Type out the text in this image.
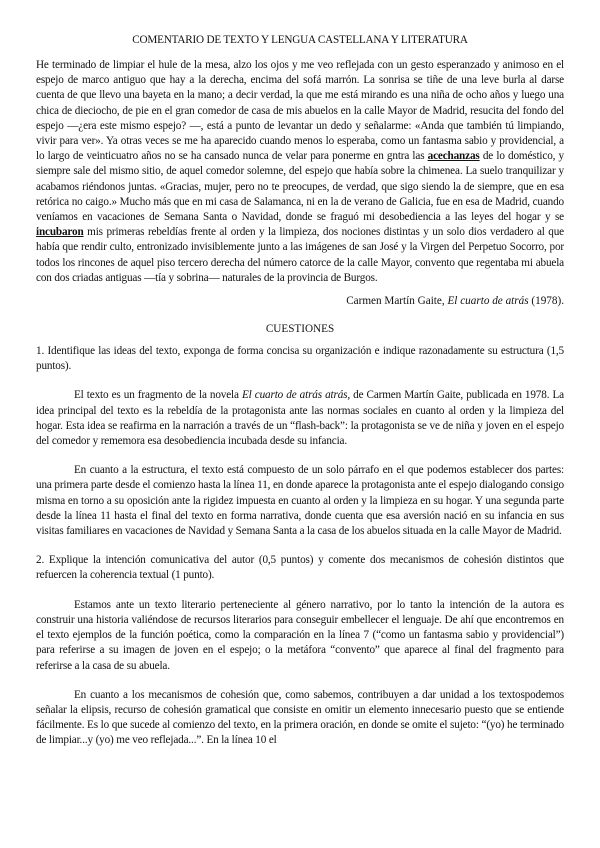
COMENTARIO DE TEXTO Y LENGUA CASTELLANA Y LITERATURA

He terminado de limpiar el hule de la mesa, alzo los ojos y me veo reflejada con un gesto esperanzado y animoso en el espejo de marco antiguo que hay a la derecha, encima del sofá marrón. La sonrisa se tiñe de una leve burla al darse cuenta de que llevo una bayeta en la mano; a decir verdad, la que me está mirando es una niña de ocho años y luego una chica de dieciocho, de pie en el gran comedor de casa de mis abuelos en la calle Mayor de Madrid, resucita del fondo del espejo —¿era este mismo espejo? —, está a punto de levantar un dedo y señalarme: «Anda que también tú limpiando, vivir para ver». Ya otras veces se me ha aparecido cuando menos lo esperaba, como un fantasma sabio y providencial, a lo largo de veinticuatro años no se ha cansado nunca de velar para ponerme en gntra las acechanzas de lo doméstico, y siempre sale del mismo sitio, de aquel comedor solemne, del espejo que había sobre la chimenea. La suelo tranquilizar y acabamos riéndonos juntas. «Gracias, mujer, pero no te preocupes, de verdad, que sigo siendo la de siempre, que en esa retórica no caigo.» Mucho más que en mi casa de Salamanca, ni en la de verano de Galicia, fue en esa de Madrid, cuando veníamos en vacaciones de Semana Santa o Navidad, donde se fraguó mi desobediencia a las leyes del hogar y se incubaron mis primeras rebeldías frente al orden y la limpieza, dos nociones distintas y un solo dios verdadero al que había que rendir culto, entronizado invisiblemente junto a las imágenes de san José y la Virgen del Perpetuo Socorro, por todos los rincones de aquel piso tercero derecha del número catorce de la calle Mayor, convento que regentaba mi abuela con dos criadas antiguas —tía y sobrina— naturales de la provincia de Burgos.

Carmen Martín Gaite, El cuarto de atrás (1978).
CUESTIONES

1. Identifique las ideas del texto, exponga de forma concisa su organización e indique razonadamente su estructura (1,5 puntos).

El texto es un fragmento de la novela El cuarto de atrás atrás, de Carmen Martín Gaite, publicada en 1978. La idea principal del texto es la rebeldía de la protagonista ante las normas sociales en cuanto al orden y la limpieza del hogar. Esta idea se reafirma en la narración a través de un “flash-back”: la protagonista se ve de niña y joven en el espejo del comedor y rememora esa desobediencia incubada desde su infancia.

En cuanto a la estructura, el texto está compuesto de un solo párrafo en el que podemos establecer dos partes: una primera parte desde el comienzo hasta la línea 11, en donde aparece la protagonista ante el espejo dialogando consigo misma en torno a su oposición ante la rigidez impuesta en cuanto al orden y la limpieza en su hogar. Y una segunda parte desde la línea 11 hasta el final del texto en forma narrativa, donde cuenta que esa aversión nació en su infancia en sus visitas familiares en vacaciones de Navidad y Semana Santa a la casa de los abuelos situada en la calle Mayor de Madrid.

2. Explique la intención comunicativa del autor (0,5 puntos) y comente dos mecanismos de cohesión distintos que refuercen la coherencia textual (1 punto).

Estamos ante un texto literario perteneciente al género narrativo, por lo tanto la intención de la autora es construir una historia valiéndose de recursos literarios para conseguir embellecer el lenguaje. De ahí que encontremos en el texto ejemplos de la función poética, como la comparación en la línea 7 (“como un fantasma sabio y providencial”) para referirse a su imagen de joven en el espejo; o la metáfora “convento” que aparece al final del fragmento para referirse a la casa de su abuela.

En cuanto a los mecanismos de cohesión que, como sabemos, contribuyen a dar unidad a los textospodemos señalar la elipsis, recurso de cohesión gramatical que consiste en omitir un elemento innecesario puesto que se entiende fácilmente. Es lo que sucede al comienzo del texto, en la primera oración, en donde se omite el sujeto: “(yo) he terminado de limpiar...y (yo) me veo reflejada...”. En la línea 10 el
